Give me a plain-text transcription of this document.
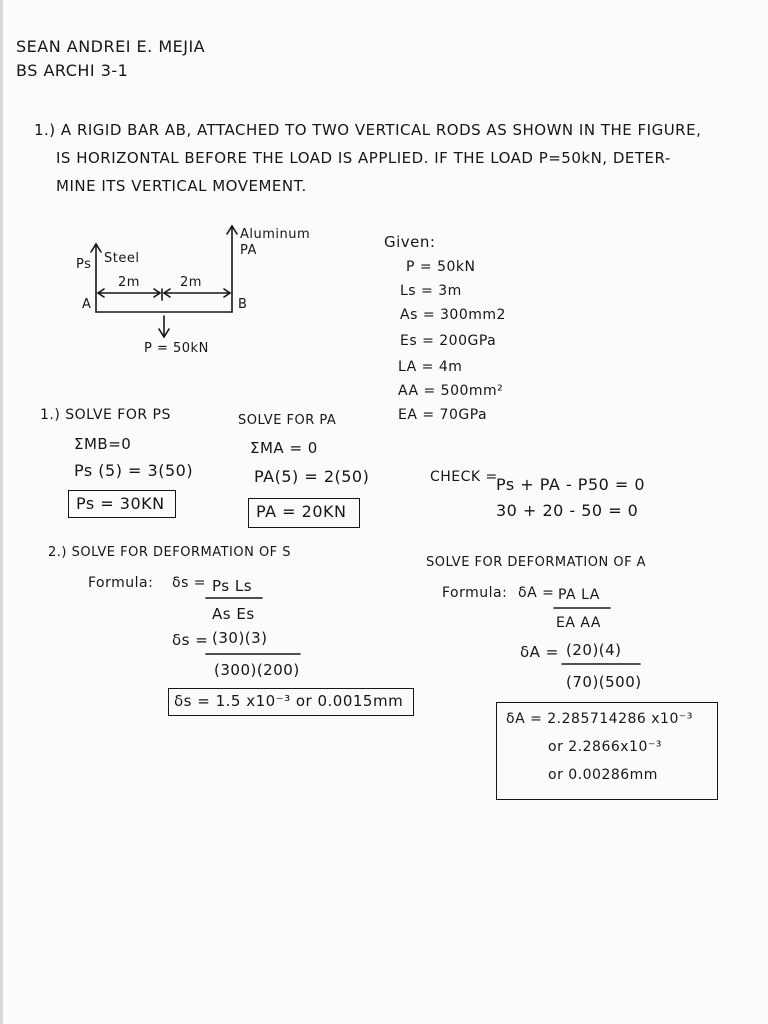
SEAN ANDREI E. MEJIA
BS ARCHI 3-1
1.) A RIGID BAR AB, ATTACHED TO TWO VERTICAL RODS AS SHOWN IN THE FIGURE,
IS HORIZONTAL BEFORE THE LOAD IS APPLIED. IF THE LOAD P=50kN, DETER-
MINE ITS VERTICAL MOVEMENT.
Aluminum
PA
Ps Steel
2m	2m
A	B
P = 50kN
Given:
P = 50kN
Ls = 3m
As = 300mm2
Es = 200GPa
LA = 4m
AA = 500mm²
EA = 70GPa
1.) SOLVE FOR PS
ΣMB=0
Ps (5) = 3(50)
Ps = 30KN
SOLVE FOR PA
ΣMA = 0
PA(5) = 2(50)
PA = 20KN
CHECK =
Ps + PA - P50 = 0
30 + 20 - 50 = 0
2.) SOLVE FOR DEFORMATION OF S
Formula: δs = Ps Ls
As Es
δs = (30)(3)
(300)(200)
δs = 1.5 x10⁻³ or 0.0015mm
SOLVE FOR DEFORMATION OF A
Formula: δA = PA LA
EA AA
δA = (20)(4)
(70)(500)
δA = 2.285714286 x10⁻³
or 2.2866x10⁻³
or 0.00286mm
